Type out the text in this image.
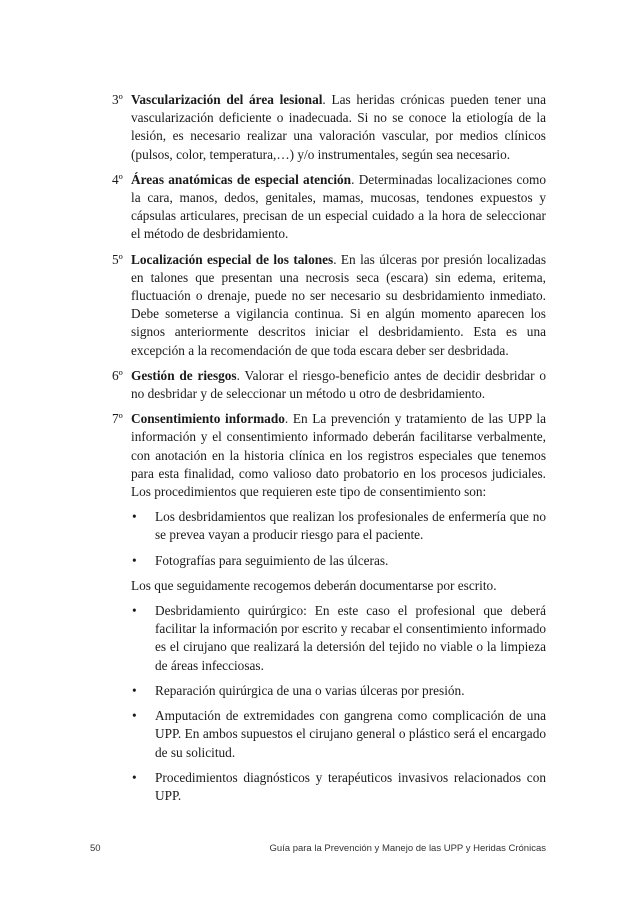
3º Vascularización del área lesional. Las heridas crónicas pueden tener una vascularización deficiente o inadecuada. Si no se conoce la etiología de la lesión, es necesario realizar una valoración vascular, por medios clínicos (pulsos, color, temperatura,…) y/o instrumentales, según sea necesario.

4º Áreas anatómicas de especial atención. Determinadas localizaciones como la cara, manos, dedos, genitales, mamas, mucosas, tendones expuestos y cápsulas articulares, precisan de un especial cuidado a la hora de seleccionar el método de desbridamiento.

5º Localización especial de los talones. En las úlceras por presión localizadas en talones que presentan una necrosis seca (escara) sin edema, eritema, fluctuación o drenaje, puede no ser necesario su desbridamiento inmediato. Debe someterse a vigilancia continua. Si en algún momento aparecen los signos anteriormente descritos iniciar el desbridamiento. Esta es una excepción a la recomendación de que toda escara deber ser desbridada.

6º Gestión de riesgos. Valorar el riesgo-beneficio antes de decidir desbridar o no desbridar y de seleccionar un método u otro de desbridamiento.

7º Consentimiento informado. En La prevención y tratamiento de las UPP la información y el consentimiento informado deberán facilitarse verbalmente, con anotación en la historia clínica en los registros especiales que tenemos para esta finalidad, como valioso dato probatorio en los procesos judiciales. Los procedimientos que requieren este tipo de consentimiento son:

• Los desbridamientos que realizan los profesionales de enfermería que no se prevea vayan a producir riesgo para el paciente.
• Fotografías para seguimiento de las úlceras.

Los que seguidamente recogemos deberán documentarse por escrito.

• Desbridamiento quirúrgico: En este caso el profesional que deberá facilitar la información por escrito y recabar el consentimiento informado es el cirujano que realizará la detersión del tejido no viable o la limpieza de áreas infecciosas.
• Reparación quirúrgica de una o varias úlceras por presión.
• Amputación de extremidades con gangrena como complicación de una UPP. En ambos supuestos el cirujano general o plástico será el encargado de su solicitud.
• Procedimientos diagnósticos y terapéuticos invasivos relacionados con UPP.
50	Guía para la Prevención y Manejo de las UPP y Heridas Crónicas
